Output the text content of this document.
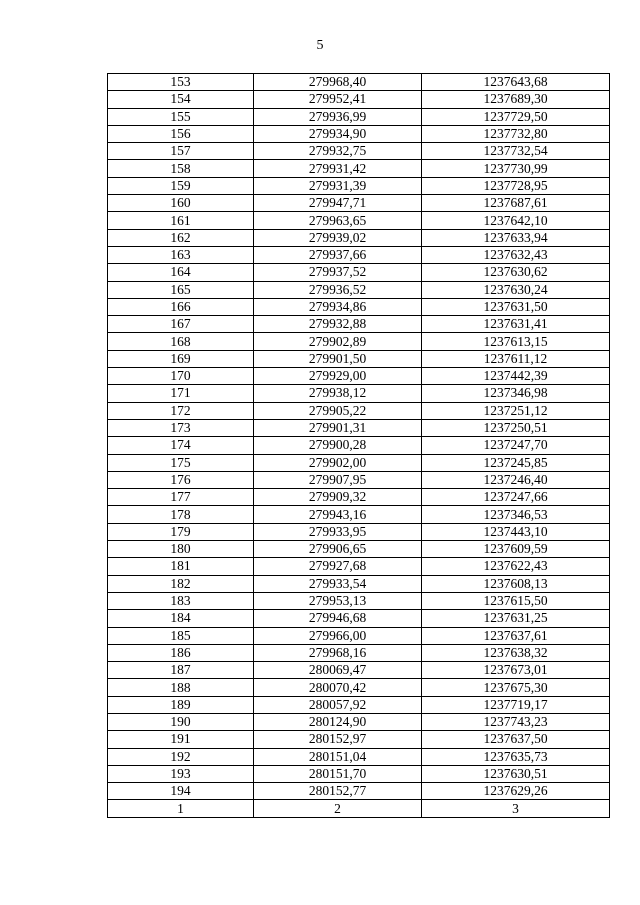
5
153	279968,40	1237643,68
154	279952,41	1237689,30
155	279936,99	1237729,50
156	279934,90	1237732,80
157	279932,75	1237732,54
158	279931,42	1237730,99
159	279931,39	1237728,95
160	279947,71	1237687,61
161	279963,65	1237642,10
162	279939,02	1237633,94
163	279937,66	1237632,43
164	279937,52	1237630,62
165	279936,52	1237630,24
166	279934,86	1237631,50
167	279932,88	1237631,41
168	279902,89	1237613,15
169	279901,50	1237611,12
170	279929,00	1237442,39
171	279938,12	1237346,98
172	279905,22	1237251,12
173	279901,31	1237250,51
174	279900,28	1237247,70
175	279902,00	1237245,85
176	279907,95	1237246,40
177	279909,32	1237247,66
178	279943,16	1237346,53
179	279933,95	1237443,10
180	279906,65	1237609,59
181	279927,68	1237622,43
182	279933,54	1237608,13
183	279953,13	1237615,50
184	279946,68	1237631,25
185	279966,00	1237637,61
186	279968,16	1237638,32
187	280069,47	1237673,01
188	280070,42	1237675,30
189	280057,92	1237719,17
190	280124,90	1237743,23
191	280152,97	1237637,50
192	280151,04	1237635,73
193	280151,70	1237630,51
194	280152,77	1237629,26
1	2	3
